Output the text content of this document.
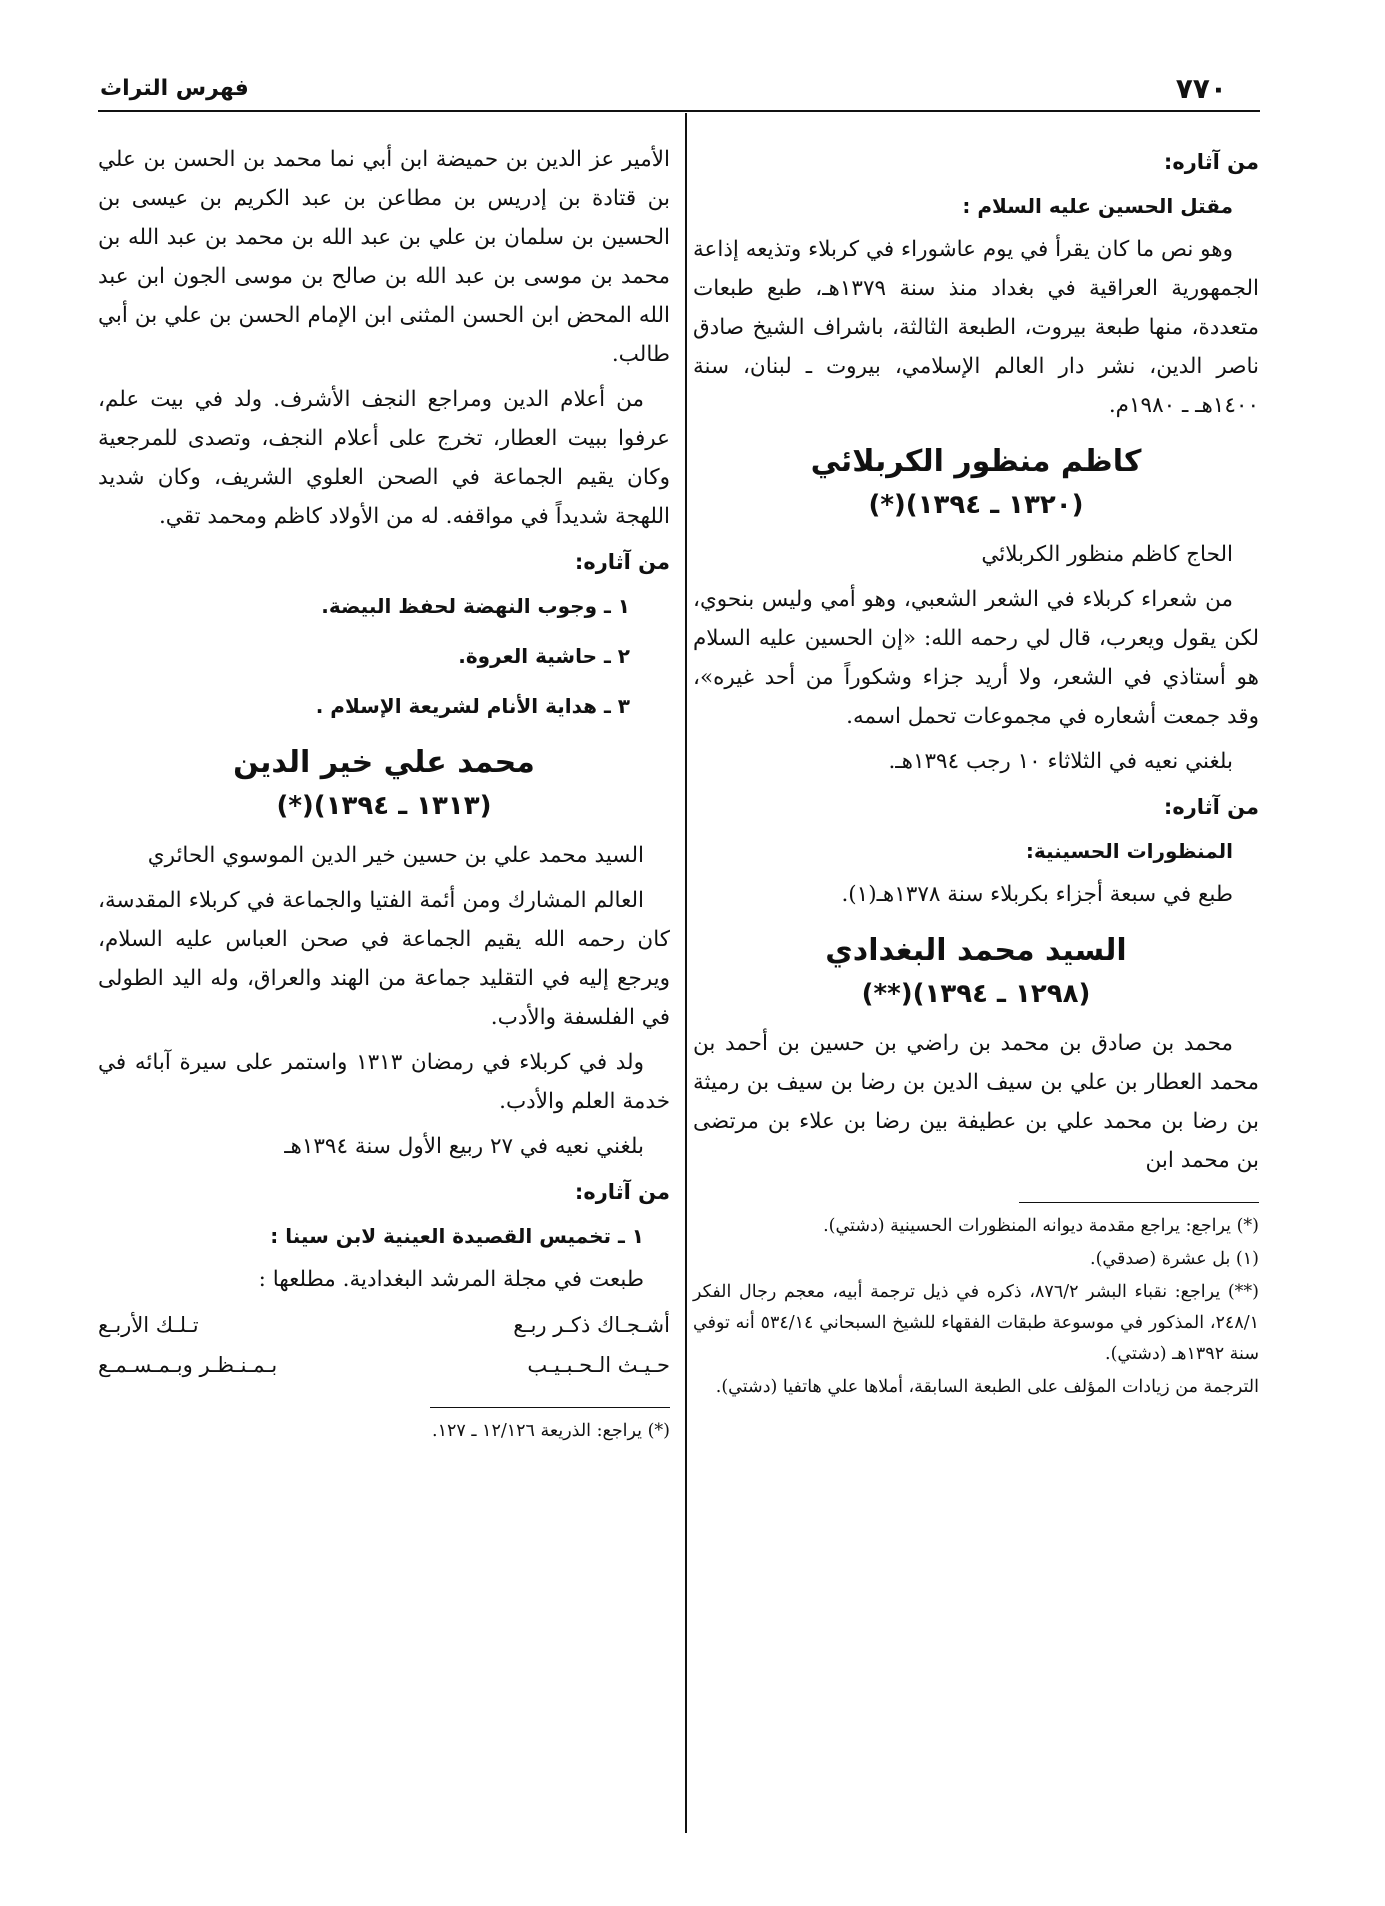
٧٧٠
فهرس التراث
من آثاره:
مقتل الحسين عليه السلام :

وهو نص ما كان يقرأ في يوم عاشوراء في كربلاء وتذيعه إذاعة الجمهورية العراقية في بغداد منذ سنة ١٣٧٩هـ، طبع طبعات متعددة، منها طبعة بيروت، الطبعة الثالثة، باشراف الشيخ صادق ناصر الدين، نشر دار العالم الإسلامي، بيروت ـ لبنان، سنة ١٤٠٠هـ ـ ١٩٨٠م.

كاظم منظور الكربلائي
(١٣٢٠ ـ ١٣٩٤)(*)

الحاج كاظم منظور الكربلائي

من شعراء كربلاء في الشعر الشعبي، وهو أمي وليس بنحوي، لكن يقول ويعرب، قال لي رحمه الله: «إن الحسين عليه السلام هو أستاذي في الشعر، ولا أريد جزاء وشكوراً من أحد غيره»، وقد جمعت أشعاره في مجموعات تحمل اسمه.

بلغني نعيه في الثلاثاء ١٠ رجب ١٣٩٤هـ.

من آثاره:
المنظورات الحسينية:

طبع في سبعة أجزاء بكربلاء سنة ١٣٧٨هـ(١).

السيد محمد البغدادي
(١٢٩٨ ـ ١٣٩٤)(**)

محمد بن صادق بن محمد بن راضي بن حسين بن أحمد بن محمد العطار بن علي بن سيف الدين بن رضا بن سيف بن رميثة بن رضا بن محمد علي بن عطيفة بين رضا بن علاء بن مرتضى بن محمد ابن

(*) يراجع: يراجع مقدمة ديوانه المنظورات الحسينية (دشتي).
(١) بل عشرة (صدقي).
(**) يراجع: نقباء البشر ٨٧٦/٢، ذكره في ذيل ترجمة أبيه، معجم رجال الفكر ٢٤٨/١، المذكور في موسوعة طبقات الفقهاء للشيخ السبحاني ٥٣٤/١٤ أنه توفي سنة ١٣٩٢هـ (دشتي).
الترجمة من زيادات المؤلف على الطبعة السابقة، أملاها علي هاتفيا (دشتي).

الأمير عز الدين بن حميضة ابن أبي نما محمد بن الحسن بن علي بن قتادة بن إدريس بن مطاعن بن عبد الكريم بن عيسى بن الحسين بن سلمان بن علي بن عبد الله بن محمد بن عبد الله بن محمد بن موسى بن عبد الله بن صالح بن موسى الجون ابن عبد الله المحض ابن الحسن المثنى ابن الإمام الحسن بن علي بن أبي طالب.

من أعلام الدين ومراجع النجف الأشرف. ولد في بيت علم، عرفوا ببيت العطار، تخرج على أعلام النجف، وتصدى للمرجعية وكان يقيم الجماعة في الصحن العلوي الشريف، وكان شديد اللهجة شديداً في مواقفه. له من الأولاد كاظم ومحمد تقي.

من آثاره:
١ ـ وجوب النهضة لحفظ البيضة.
٢ ـ حاشية العروة.
٣ ـ هداية الأنام لشريعة الإسلام .
محمد علي خير الدين
(١٣١٣ ـ ١٣٩٤)(*)

السيد محمد علي بن حسين خير الدين الموسوي الحائري

العالم المشارك ومن أئمة الفتيا والجماعة في كربلاء المقدسة، كان رحمه الله يقيم الجماعة في صحن العباس عليه السلام، ويرجع إليه في التقليد جماعة من الهند والعراق، وله اليد الطولى في الفلسفة والأدب.

ولد في كربلاء في رمضان ١٣١٣ واستمر على سيرة آبائه في خدمة العلم والأدب.

بلغني نعيه في ٢٧ ربيع الأول سنة ١٣٩٤هـ

من آثاره:
١ ـ تخميس القصيدة العينية لابن سينا :

طبعت في مجلة المرشد البغدادية. مطلعها :

أشـجـاك ذكـر ربـع
تـلـك الأربـع
حـيـث الـحـبـيـب
بـمـنـظـر وبـمـسـمـع
(*) يراجع: الذريعة ١٢/١٢٦ ـ ١٢٧.
